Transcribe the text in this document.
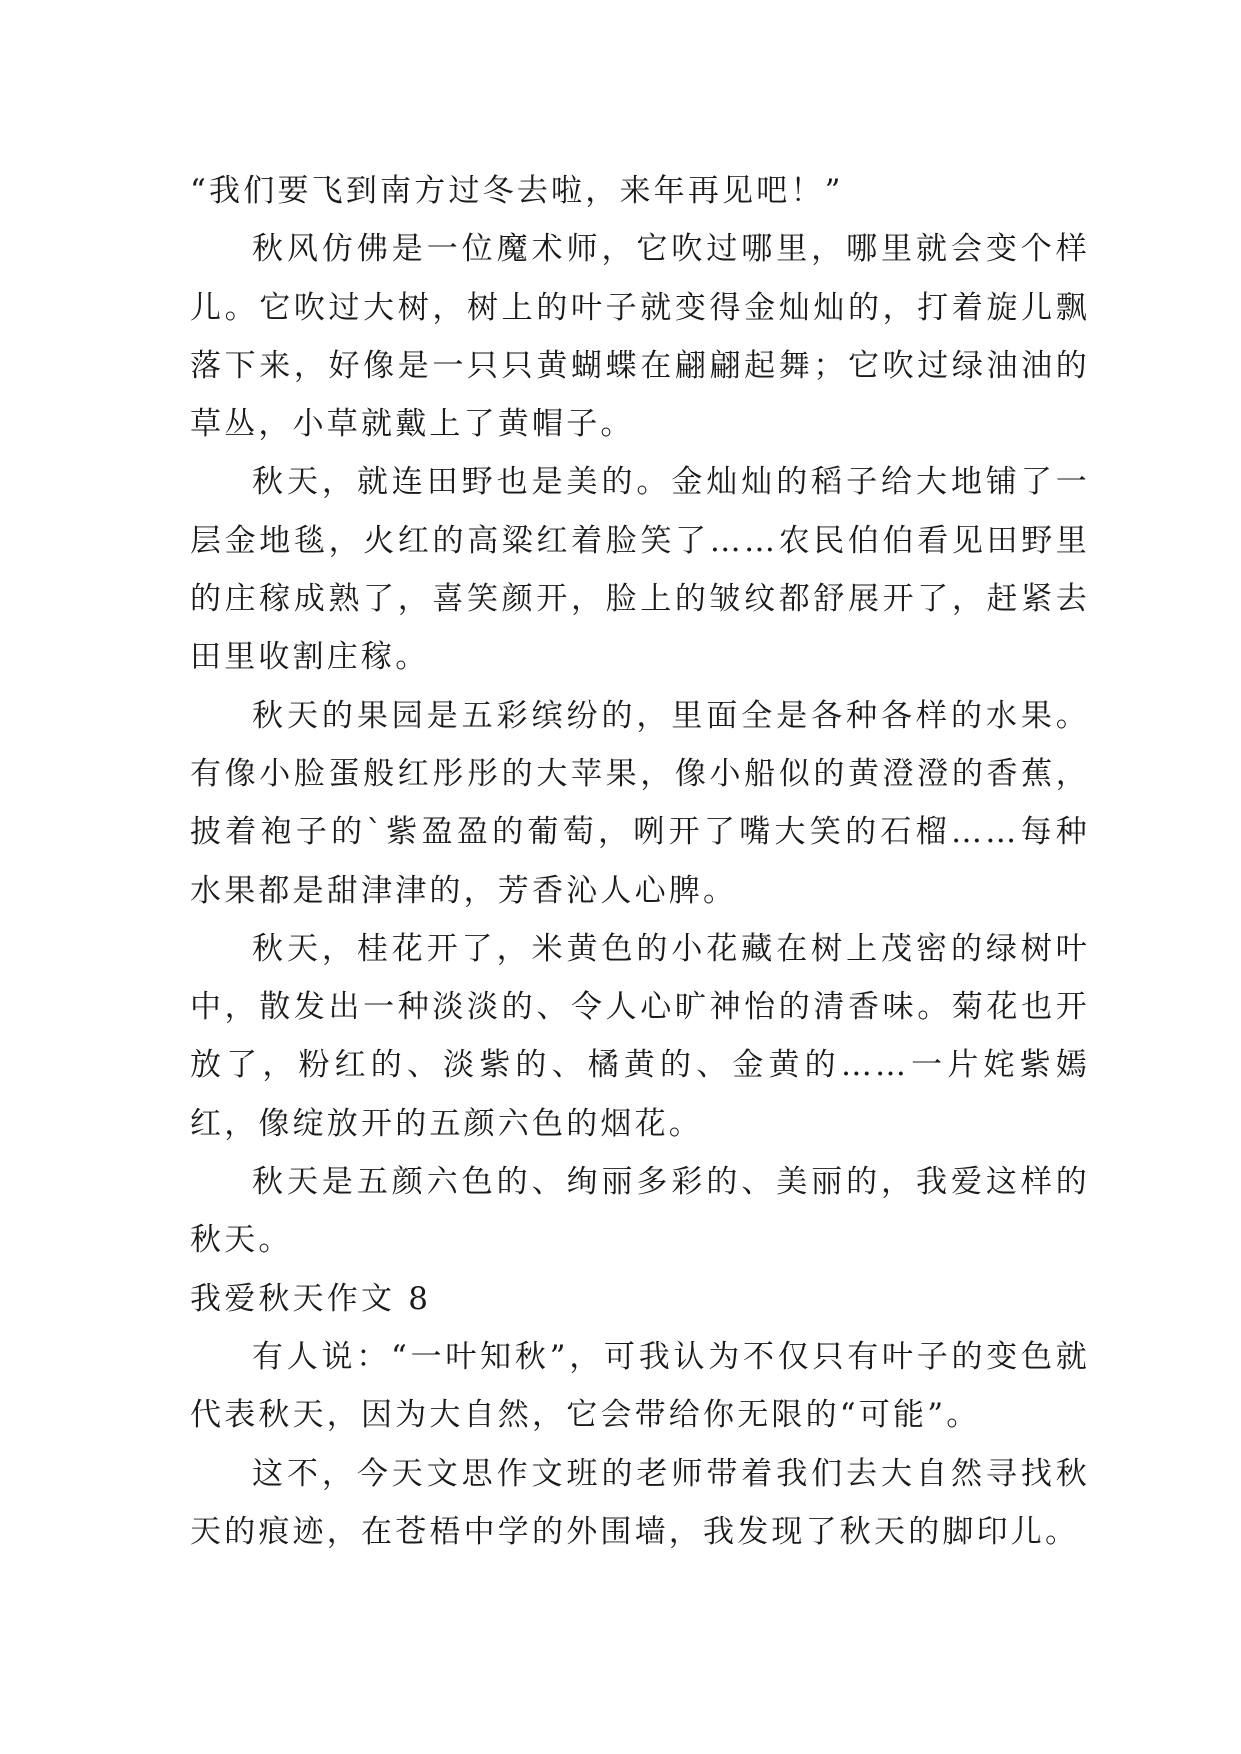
“我们要飞到南方过冬去啦，来年再见吧！”

秋风仿佛是一位魔术师，它吹过哪里，哪里就会变个样儿。它吹过大树，树上的叶子就变得金灿灿的，打着旋儿飘落下来，好像是一只只黄蝴蝶在翩翩起舞；它吹过绿油油的草丛，小草就戴上了黄帽子。

秋天，就连田野也是美的。金灿灿的稻子给大地铺了一层金地毯，火红的高粱红着脸笑了……农民伯伯看见田野里的庄稼成熟了，喜笑颜开，脸上的皱纹都舒展开了，赶紧去田里收割庄稼。

秋天的果园是五彩缤纷的，里面全是各种各样的水果。有像小脸蛋般红彤彤的大苹果，像小船似的黄澄澄的香蕉，披着袍子的`紫盈盈的葡萄，咧开了嘴大笑的石榴……每种水果都是甜津津的，芳香沁人心脾。

秋天，桂花开了，米黄色的小花藏在树上茂密的绿树叶中，散发出一种淡淡的、令人心旷神怡的清香味。菊花也开放了，粉红的、淡紫的、橘黄的、金黄的……一片姹紫嫣红，像绽放开的五颜六色的烟花。

秋天是五颜六色的、绚丽多彩的、美丽的，我爱这样的秋天。

我爱秋天作文 8

有人说：“一叶知秋”，可我认为不仅只有叶子的变色就代表秋天，因为大自然，它会带给你无限的“可能”。

这不，今天文思作文班的老师带着我们去大自然寻找秋天的痕迹，在苍梧中学的外围墙，我发现了秋天的脚印儿。
